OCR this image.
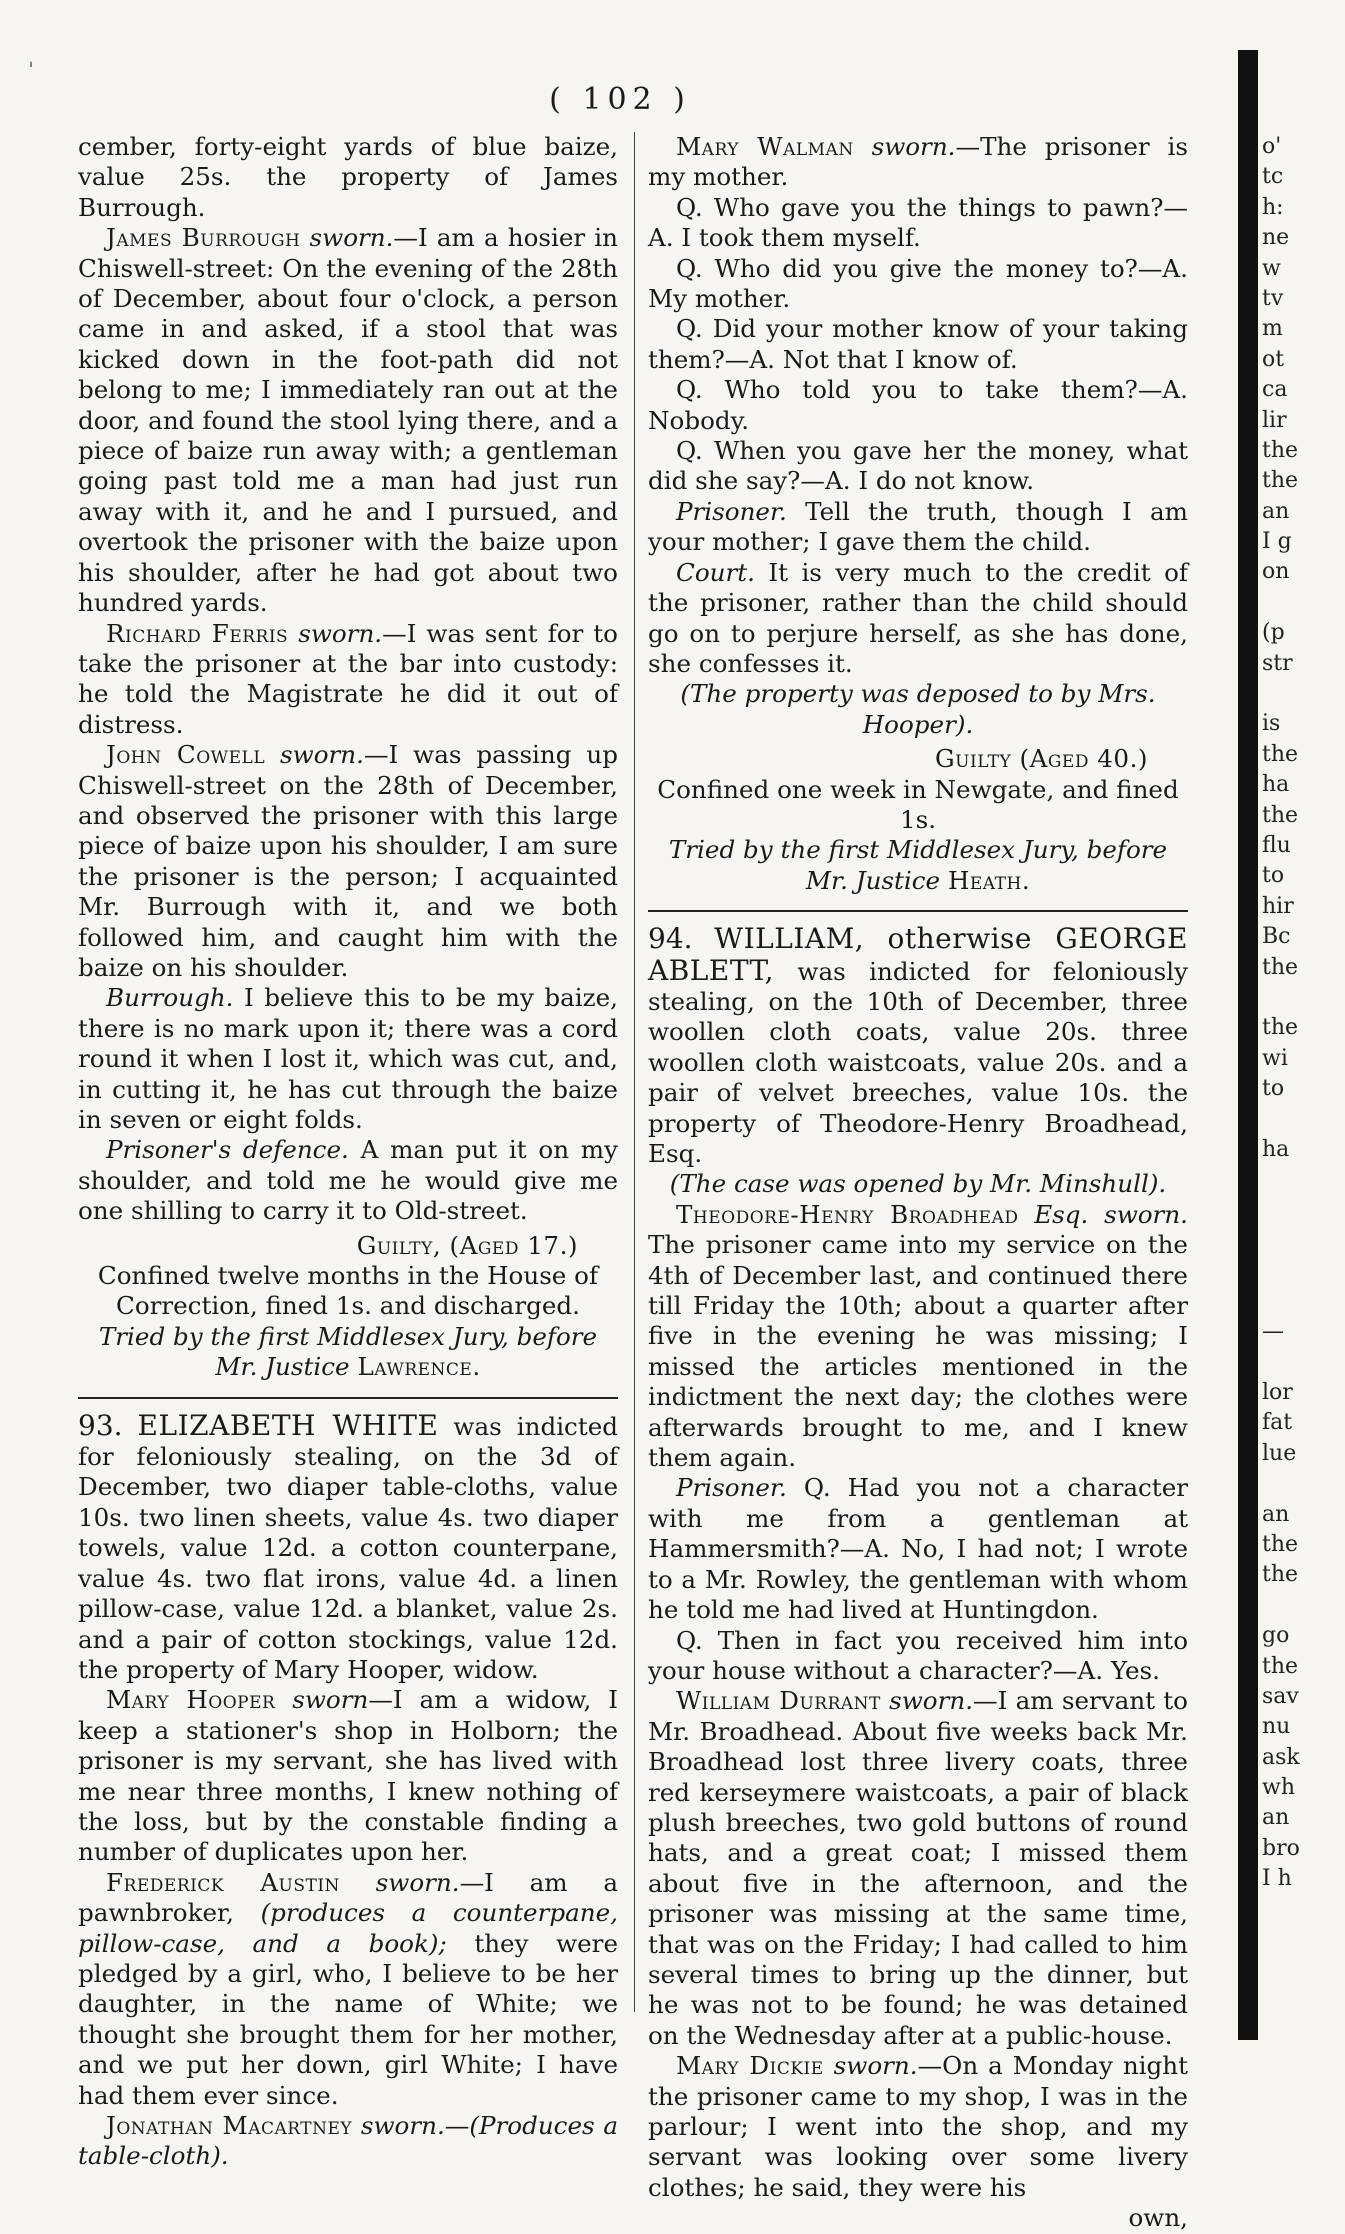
( 102 )
ˈ

cember, forty-eight yards of blue baize, value 25s. the property of James Burrough.

James Burrough sworn.—I am a hosier in Chiswell-street: On the evening of the 28th of December, about four o'clock, a person came in and asked, if a stool that was kicked down in the foot-path did not belong to me; I immediately ran out at the door, and found the stool lying there, and a piece of baize run away with; a gentleman going past told me a man had just run away with it, and he and I pursued, and overtook the prisoner with the baize upon his shoulder, after he had got about two hundred yards.

Richard Ferris sworn.—I was sent for to take the prisoner at the bar into custody: he told the Magistrate he did it out of distress.

John Cowell sworn.—I was passing up Chiswell-street on the 28th of December, and observed the prisoner with this large piece of baize upon his shoulder, I am sure the prisoner is the person; I acquainted Mr. Burrough with it, and we both followed him, and caught him with the baize on his shoulder.

Burrough. I believe this to be my baize, there is no mark upon it; there was a cord round it when I lost it, which was cut, and, in cutting it, he has cut through the baize in seven or eight folds.

Prisoner's defence. A man put it on my shoulder, and told me he would give me one shilling to carry it to Old-street.

Guilty, (Aged 17.)

Confined twelve months in the House of Correction, fined 1s. and discharged.

Tried by the first Middlesex Jury, before

Mr. Justice Lawrence.

93. ELIZABETH WHITE was indicted for feloniously stealing, on the 3d of December, two diaper table-cloths, value 10s. two linen sheets, value 4s. two diaper towels, value 12d. a cotton counterpane, value 4s. two flat irons, value 4d. a linen pillow-case, value 12d. a blanket, value 2s. and a pair of cotton stockings, value 12d. the property of Mary Hooper, widow.

Mary Hooper sworn—I am a widow, I keep a stationer's shop in Holborn; the prisoner is my servant, she has lived with me near three months, I knew nothing of the loss, but by the constable finding a number of duplicates upon her.

Frederick Austin sworn.—I am a pawnbroker, (produces a counterpane, pillow-case, and a book); they were pledged by a girl, who, I believe to be her daughter, in the name of White; we thought she brought them for her mother, and we put her down, girl White; I have had them ever since.

Jonathan Macartney sworn.—(Produces a table-cloth).

Mary Walman sworn.—The prisoner is my mother.

Q. Who gave you the things to pawn?—A. I took them myself.

Q. Who did you give the money to?—A. My mother.

Q. Did your mother know of your taking them?—A. Not that I know of.

Q. Who told you to take them?—A. Nobody.

Q. When you gave her the money, what did she say?—A. I do not know.

Prisoner. Tell the truth, though I am your mother; I gave them the child.

Court. It is very much to the credit of the prisoner, rather than the child should go on to perjure herself, as she has done, she confesses it.

(The property was deposed to by Mrs. Hooper).

Guilty (Aged 40.)

Confined one week in Newgate, and fined 1s.

Tried by the first Middlesex Jury, before

Mr. Justice Heath.

94. WILLIAM, otherwise GEORGE ABLETT, was indicted for feloniously stealing, on the 10th of December, three woollen cloth coats, value 20s. three woollen cloth waistcoats, value 20s. and a pair of velvet breeches, value 10s. the property of Theodore-Henry Broadhead, Esq.

(The case was opened by Mr. Minshull).

Theodore-Henry Broadhead Esq. sworn. The prisoner came into my service on the 4th of December last, and continued there till Friday the 10th; about a quarter after five in the evening he was missing; I missed the articles mentioned in the indictment the next day; the clothes were afterwards brought to me, and I knew them again.

Prisoner. Q. Had you not a character with me from a gentleman at Hammersmith?—A. No, I had not; I wrote to a Mr. Rowley, the gentleman with whom he told me had lived at Huntingdon.

Q. Then in fact you received him into your house without a character?—A. Yes.

William Durrant sworn.—I am servant to Mr. Broadhead. About five weeks back Mr. Broadhead lost three livery coats, three red kerseymere waistcoats, a pair of black plush breeches, two gold buttons of round hats, and a great coat; I missed them about five in the afternoon, and the prisoner was missing at the same time, that was on the Friday; I had called to him several times to bring up the dinner, but he was not to be found; he was detained on the Wednesday after at a public-house.

Mary Dickie sworn.—On a Monday night the prisoner came to my shop, I was in the parlour; I went into the shop, and my servant was looking over some livery clothes; he said, they were his

own,

o'
tc
h:
ne
w
tv
m
ot
ca
lir
the
the
an
I g
on
(p
str
is
the
ha
the
flu
to
hir
Bc
the
the
wi
to
ha
—
lor
fat
lue
an
the
the
go
the
sav
nu
ask
wh
an
bro
I h
